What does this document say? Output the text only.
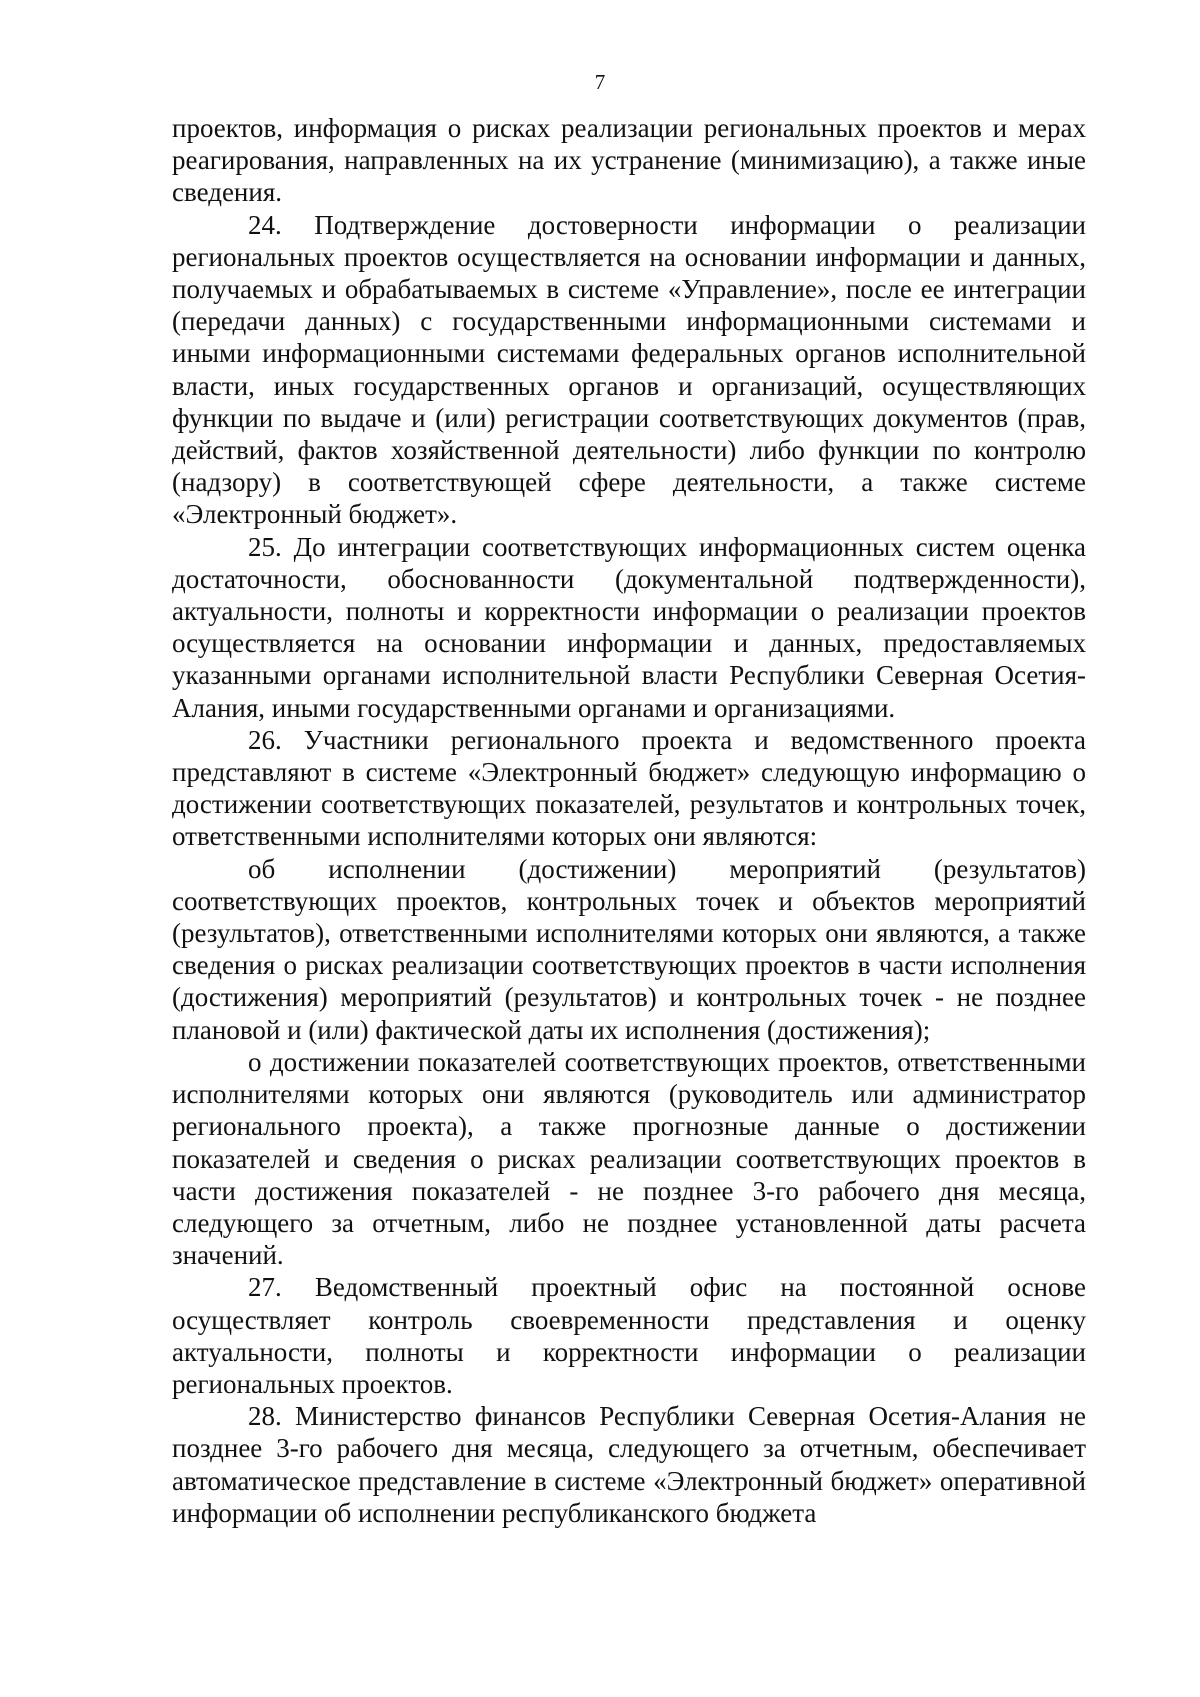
7

проектов, информация о рисках реализации региональных проектов и мерах реагирования, направленных на их устранение (минимизацию), а также иные сведения.

24. Подтверждение достоверности информации о реализации региональных проектов осуществляется на основании информации и данных, получаемых и обрабатываемых в системе «Управление», после ее интеграции (передачи данных) с государственными информационными системами и иными информационными системами федеральных органов исполнительной власти, иных государственных органов и организаций, осуществляющих функции по выдаче и (или) регистрации соответствующих документов (прав, действий, фактов хозяйственной деятельности) либо функции по контролю (надзору) в соответствующей сфере деятельности, а также системе «Электронный бюджет».

25. До интеграции соответствующих информационных систем оценка достаточности, обоснованности (документальной подтвержденности), актуальности, полноты и корректности информации о реализации проектов осуществляется на основании информации и данных, предоставляемых указанными органами исполнительной власти Республики Северная Осетия-Алания, иными государственными органами и организациями.

26. Участники регионального проекта и ведомственного проекта представляют в системе «Электронный бюджет» следующую информацию о достижении соответствующих показателей, результатов и контрольных точек, ответственными исполнителями которых они являются:

об исполнении (достижении) мероприятий (результатов) соответствующих проектов, контрольных точек и объектов мероприятий (результатов), ответственными исполнителями которых они являются, а также сведения о рисках реализации соответствующих проектов в части исполнения (достижения) мероприятий (результатов) и контрольных точек - не позднее плановой и (или) фактической даты их исполнения (достижения);

о достижении показателей соответствующих проектов, ответственными исполнителями которых они являются (руководитель или администратор регионального проекта), а также прогнозные данные о достижении показателей и сведения о рисках реализации соответствующих проектов в части достижения показателей - не позднее 3-го рабочего дня месяца, следующего за отчетным, либо не позднее установленной даты расчета значений.

27. Ведомственный проектный офис на постоянной основе осуществляет контроль своевременности представления и оценку актуальности, полноты и корректности информации о реализации региональных проектов.

28. Министерство финансов Республики Северная Осетия-Алания не позднее 3-го рабочего дня месяца, следующего за отчетным, обеспечивает автоматическое представление в системе «Электронный бюджет» оперативной информации об исполнении республиканского бюджета
